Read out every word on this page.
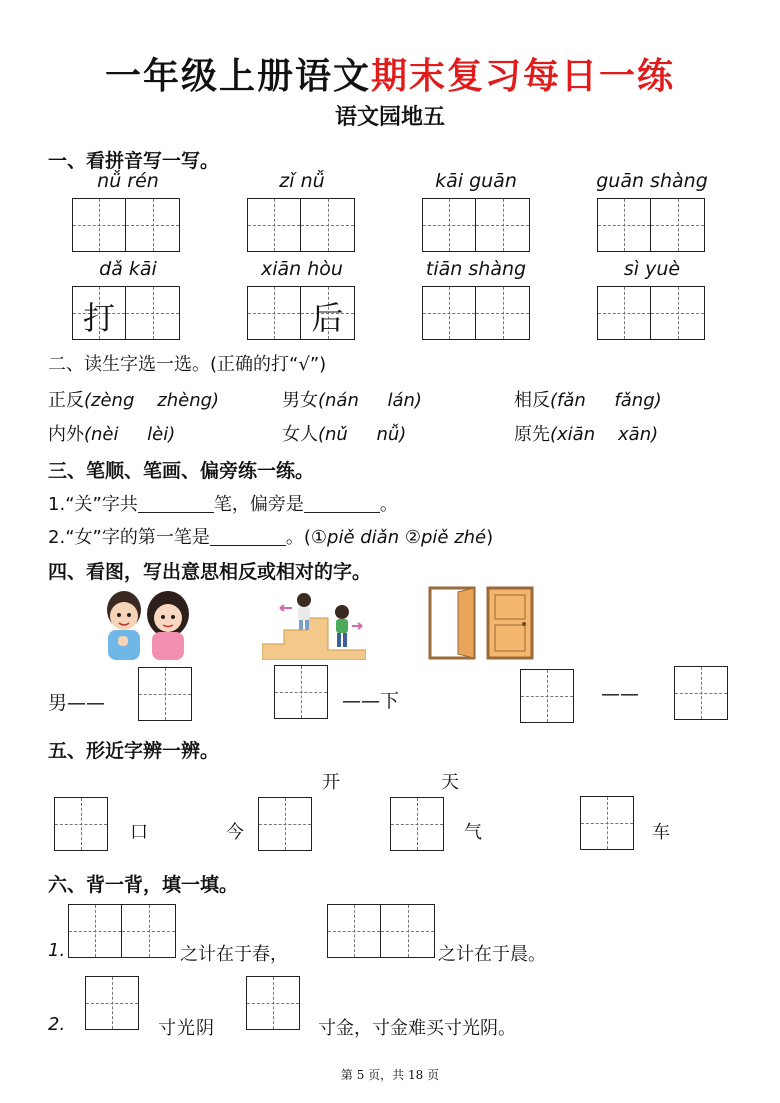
一年级上册语文期末复习每日一练
语文园地五
一、看拼音写一写。
nǚ rén	zǐ nǚ	kāi guān	guān shàng
dǎ kāi	xiān hòu	tiān shàng	sì yuè
打	后
二、读生字选一选。(正确的打“√”)
正反(zèng zhèng)	男女(nán lán)	相反(fǎn fǎng)
内外(nèi lèi)	女人(nǔ nǚ)	原先(xiān xān)
三、笔顺、笔画、偏旁练一练。
1.“关”字共	笔，偏旁是	。
2.“女”字的第一笔是	。(①piě diǎn ②piě zhé)
四、看图，写出意思相反或相对的字。
男——	——下	——
五、形近字辨一辨。
开	天
口	今	气	车
六、背一背，填一填。
1.	之计在于春，	之计在于晨。
2.	寸光阴	寸金，寸金难买寸光阴。
第 5 页，共 18 页
